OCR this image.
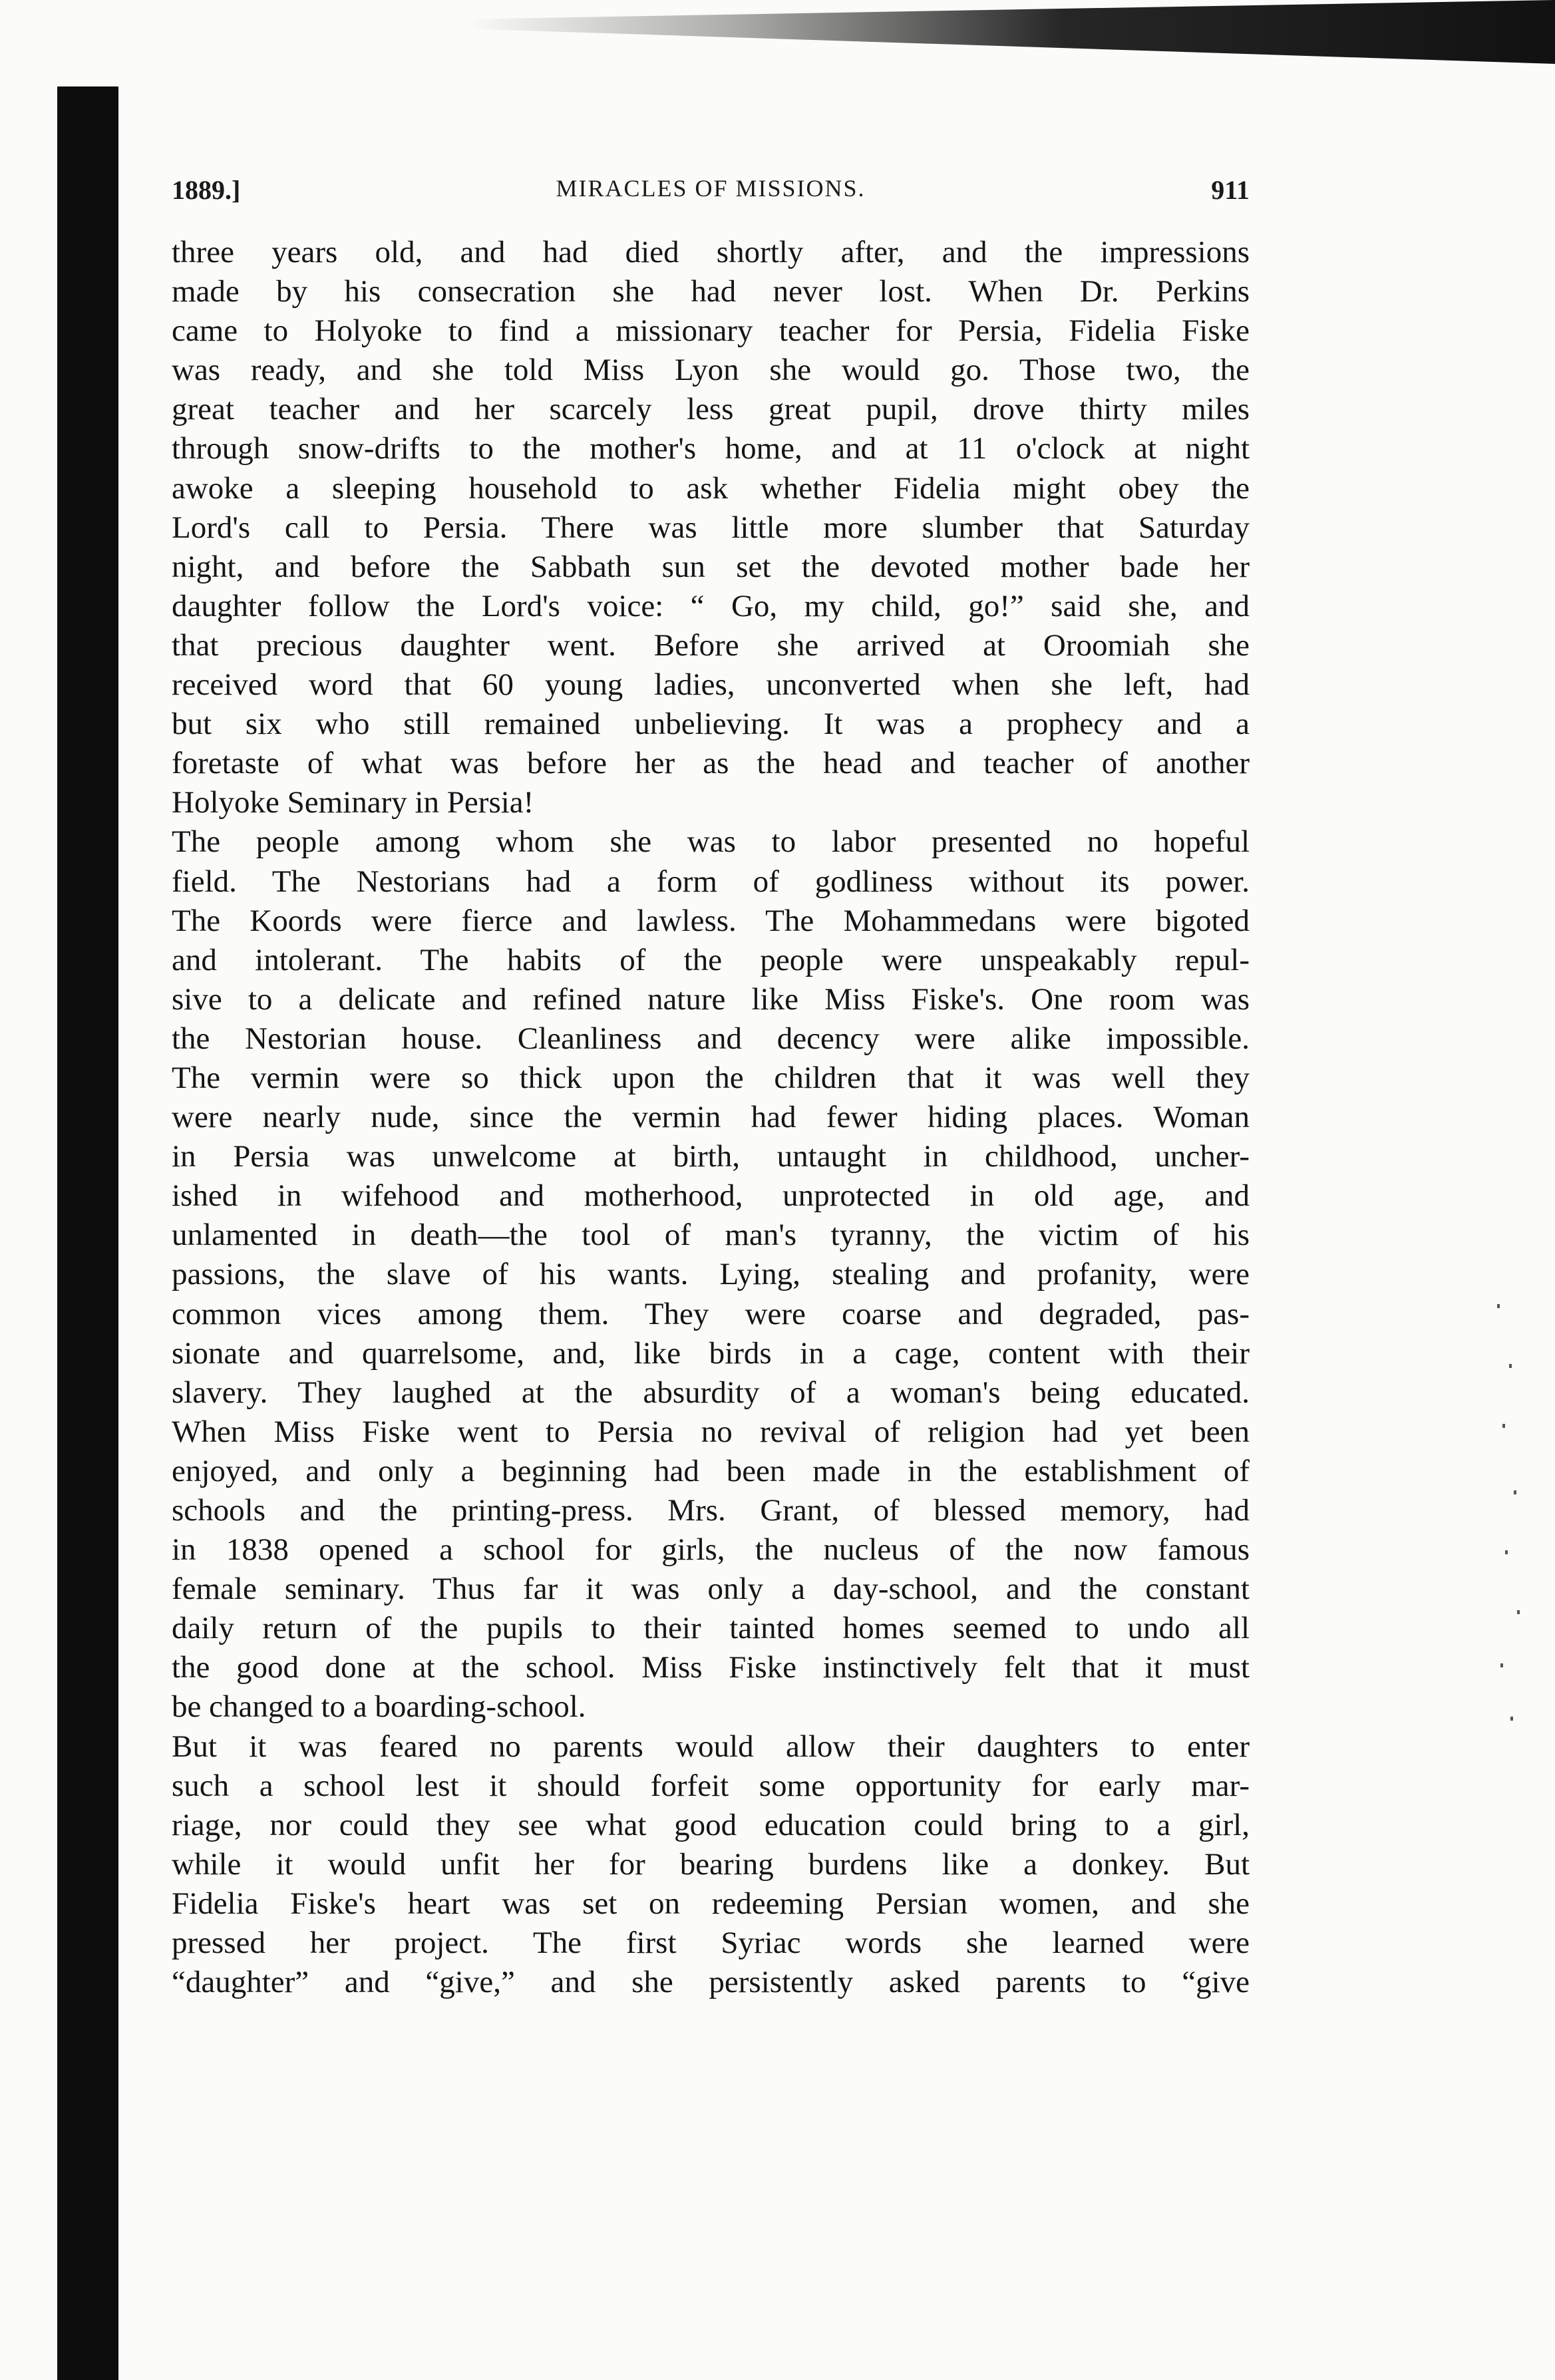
1889.]	MIRACLES OF MISSIONS.	911
three years old, and had died shortly after, and the impressions
made by his consecration she had never lost. When Dr. Perkins
came to Holyoke to find a missionary teacher for Persia, Fidelia Fiske
was ready, and she told Miss Lyon she would go. Those two, the
great teacher and her scarcely less great pupil, drove thirty miles
through snow-drifts to the mother's home, and at 11 o'clock at night
awoke a sleeping household to ask whether Fidelia might obey the
Lord's call to Persia. There was little more slumber that Saturday
night, and before the Sabbath sun set the devoted mother bade her
daughter follow the Lord's voice: “ Go, my child, go!” said she, and
that precious daughter went. Before she arrived at Oroomiah she
received word that 60 young ladies, unconverted when she left, had
but six who still remained unbelieving. It was a prophecy and a
foretaste of what was before her as the head and teacher of another
Holyoke Seminary in Persia!
The people among whom she was to labor presented no hopeful
field. The Nestorians had a form of godliness without its power.
The Koords were fierce and lawless. The Mohammedans were bigoted
and intolerant. The habits of the people were unspeakably repul-
sive to a delicate and refined nature like Miss Fiske's. One room was
the Nestorian house. Cleanliness and decency were alike impossible.
The vermin were so thick upon the children that it was well they
were nearly nude, since the vermin had fewer hiding places. Woman
in Persia was unwelcome at birth, untaught in childhood, uncher-
ished in wifehood and motherhood, unprotected in old age, and
unlamented in death—the tool of man's tyranny, the victim of his
passions, the slave of his wants. Lying, stealing and profanity, were
common vices among them. They were coarse and degraded, pas-
sionate and quarrelsome, and, like birds in a cage, content with their
slavery. They laughed at the absurdity of a woman's being educated.
When Miss Fiske went to Persia no revival of religion had yet been
enjoyed, and only a beginning had been made in the establishment of
schools and the printing-press. Mrs. Grant, of blessed memory, had
in 1838 opened a school for girls, the nucleus of the now famous
female seminary. Thus far it was only a day-school, and the constant
daily return of the pupils to their tainted homes seemed to undo all
the good done at the school. Miss Fiske instinctively felt that it must
be changed to a boarding-school.
But it was feared no parents would allow their daughters to enter
such a school lest it should forfeit some opportunity for early mar-
riage, nor could they see what good education could bring to a girl,
while it would unfit her for bearing burdens like a donkey. But
Fidelia Fiske's heart was set on redeeming Persian women, and she
pressed her project. The first Syriac words she learned were
“daughter” and “give,” and she persistently asked parents to “give
